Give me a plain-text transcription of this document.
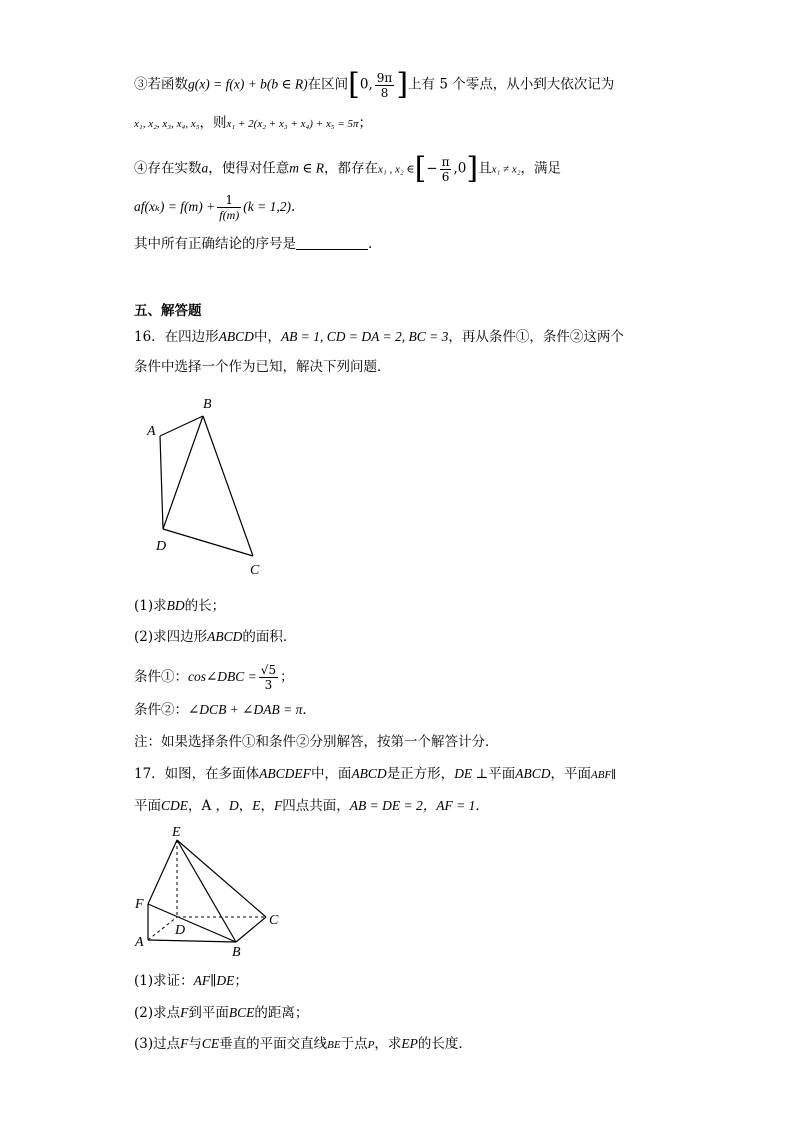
③若函数g(x) = f(x) + b(b ∈ R)在区间[0, $\frac{9\pi}{8}$ ]上有 5 个零点，从小到大依次记为
x₁, x₂, x₃, x₄, x₅，则x₁ + 2(x₂ + x₃ + x₄) + x₅ = 5π；
④存在实数a，使得对任意m ∈ R，都存在x₁ , x₂ ∈[− $\frac{\pi}{6} ,0$]且x₁ ≠ x₂，满足
$af(x_k) = f(m) + \frac{1}{f(m)} (k = 1,2)$.
其中所有正确结论的序号是	.
五、解答题
16．在四边形ABCD中，AB = 1, CD = DA = 2, BC = 3，再从条件①，条件②这两个
条件中选择一个作为已知，解决下列问题．
A
B
C
D
(1)求BD的长；
(2)求四边形ABCD的面积．
条件①：cos∠DBC = $\frac{√5}{3}$ ；
条件②：∠DCB + ∠DAB = π．
注：如果选择条件①和条件②分别解答，按第一个解答计分．
17．如图，在多面体ABCDEF中，面ABCD是正方形，DE ⊥平面ABCD，平面ABF∥
平面CDE，A ，D，E，F四点共面，AB = DE = 2，AF = 1．
E
F
A
D
B
C
(1)求证：AF∥DE；
(2)求点F到平面BCE的距离；
(3)过点F与CE垂直的平面交直线BE于点P，求EP的长度．
